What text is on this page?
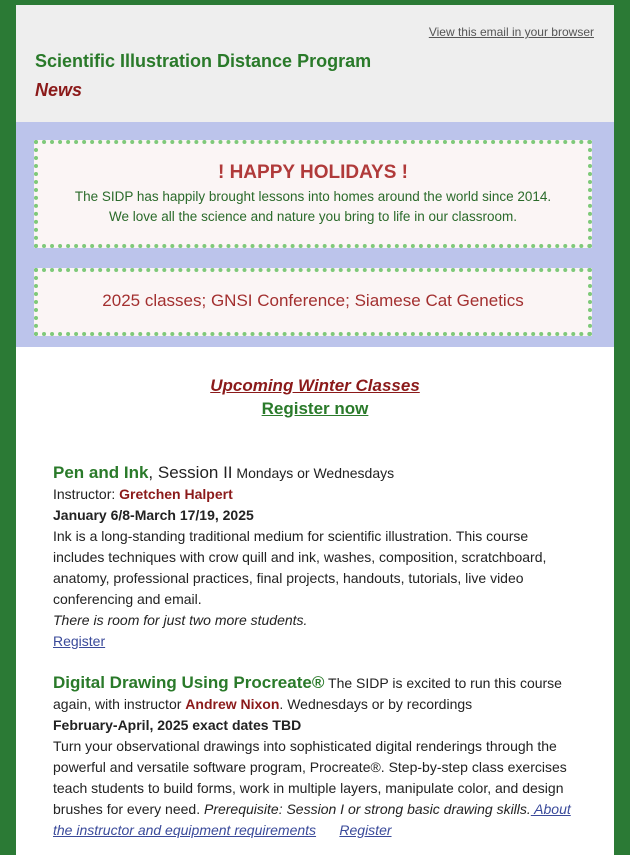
View this email in your browser
Scientific Illustration Distance Program
News
! HAPPY HOLIDAYS !
The SIDP has happily brought lessons into homes around the world since 2014.
We love all the science and nature you bring to life in our classroom.
2025 classes; GNSI Conference; Siamese Cat Genetics
Upcoming Winter Classes
Register now
Pen and Ink, Session II Mondays or Wednesdays
Instructor: Gretchen Halpert
January 6/8-March 17/19, 2025
Ink is a long-standing traditional medium for scientific illustration. This course includes techniques with crow quill and ink, washes, composition, scratchboard, anatomy, professional practices, final projects, handouts, tutorials, live video conferencing and email.
There is room for just two more students.
Register
Digital Drawing Using Procreate® The SIDP is excited to run this course again, with instructor Andrew Nixon. Wednesdays or by recordings
February-April, 2025 exact dates TBD
Turn your observational drawings into sophisticated digital renderings through the powerful and versatile software program, Procreate®. Step-by-step class exercises teach students to build forms, work in multiple layers, manipulate color, and design brushes for every need. Prerequisite: Session I or strong basic drawing skills. About the instructor and equipment requirements Register
